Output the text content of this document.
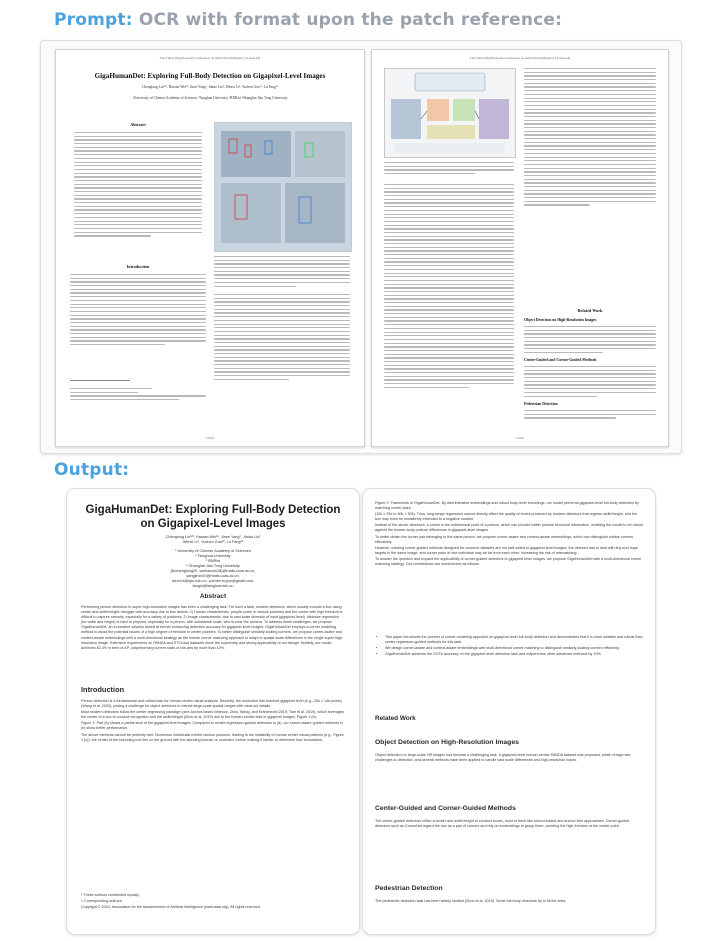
Prompt: OCR with format upon the patch reference:
The Thirty-Eighth AAAI Conference on Artificial Intelligence (AAAI-24)
GigaHumanDet: Exploring Full-Body Detection on Gigapixel-Level Images
Chenglong Liu¹²³, Haoran Wei³⁴, Jinze Yang¹, Jintao Liu¹, Wenxi Li⁴, Yuchen Guo²³, Lu Fang²³
¹University of Chinese Academy of Sciences ²Tsinghua University ³BNRist ⁴Shanghai Jiao Tong University
Abstract
Introduction
10092
The Thirty-Eighth AAAI Conference on Artificial Intelligence (AAAI-24)
Related Work
Object Detection on High-Resolution Images
Center-Guided and Corner-Guided Methods
Pedestrian Detection
10093
Output:
GigaHumanDet: Exploring Full-Body Detection on Gigapixel-Level Images
Chenglong Liu¹²³, Haoran Wei³⁴, Jinze Yang¹, Jintao Liu¹
Wenxi Li⁴, Yuchen Guo²³, Lu Fang²³
¹ University of Chinese Academy of Sciences
² Tsinghua University
³ BNRist
⁴ Shanghai Jiao Tong University
{liuchenglong20, weihaoran18}@mails.ucas.ac.cn,
yangjinze20@mails.ucas.ac.cn,
wenxi.li@sjtu.edu.cn, yuchen.w.guo@gmail.com,
fanglu@tsinghua.edu.cn
Abstract

Performing person detection in super-high-resolution images has been a challenging task. For such a task, modern detectors, which usually encode a box using center and width/height, struggle with accuracy due to two factors: 1) Human characteristic: people come in various postures and the center with high freedom is difficult to capture robustly, especially for a variety of postures; 2) Image characteristic: due to vast scale diversity of input (gigapixel-level), distance regression (for width and height) is hard to pinpoint, especially for a person, with substantial scale, who is near the camera. To address these challenges, we propose GigaHumanDet, an innovative solution aimed at further enhancing detection accuracy for gigapixel-level images. GigaHumanDet employs a corner modeling method to avoid the potential issues of a high degree of freedom in center pointers. To better distinguish similarly-looking corners, we propose corner-aware and context-aware embeddings with a multi-directional strategy as the human corner matching approach to adapt to spatial scale differences in the single super-high-resolution image. Extensive experiments on PANDA and STCrowd datasets show the superiority and strong applicability of our design. Notably, our model achieves 82.4% in term of AP, outperforming current state-of-the-arts by more than 10%.

Introduction

Person detection is a fundamental and critical task for human-centric visual analysis. Recently, the resolution has reached gigapixel level (e.g., 25k × 14k pixels) (Wang et al. 2020), posing a challenge for object detectors to extract large-scale spatial ranges with clear-cut details.

Most modern detectors follow the center-regressing paradigm (see Anchor-based detector, Zhou, Wang, and Krähenbühl 2019; Tian et al. 2019), which leverages the center of a box to conduct recognition and the width/height (Zhou et al. 2019) due to the human-centric task in gigapixel images. Figure 1 (b).

Figure 1: Part (b) shows a partial slice of the gigapixel-level images. Compared to center-regression-guided detectors in (d), our corner-aware guided methods in (b) show better performance.

The above methods cannot be perfectly met. Numerous individuals exhibit various postures, leading to the instability of human center visual patterns (e.g., Figure 1 (c)): the center of the bounding box lies on the ground with the standing woman or occluded, further making it harder to determine four boundaries.

* These authors contributed equally.

† Corresponding authors.

Copyright © 2024, Association for the Advancement of Artificial Intelligence (www.aaai.org). All rights reserved.

Figure 2: Framework of GigaHumanDet. By discriminative embeddings and robust body-level encodings, our model performs gigapixel-level full-body detection by matching corner pairs.

(12k × 25k to 50k × 50k). Thus, long-range regression cannot directly affect the quality of boxes produced by modern detectors that regress width/height, and the box may even be mistakenly extended to a negative number.

Instead of the above detectors, a corner is the bottommost point of a person, which can provide better precise structural information, enabling the model to be robust against the human-body posture differences in gigapixel-level images.

To better obtain the corner pair belonging to the same person, we propose corner-aware and context-aware embeddings, which can distinguish similar corners effectively.

However, existing corner-guided methods designed for common datasets are not well suited to gigapixel-level images: the detector has to deal with tiny and huge targets in the same image, and corner pairs of one individual may be far from each other, increasing the risk of mismatching.

To answer the question and expand the applicability of corner-guided detectors to gigapixel-level images, we propose GigaHumanDet with a multi-directional corner matching strategy. Our contributions are summarized as follows:

• This paper introduces the pioneer of corner-modeling approach on gigapixel-level full-body detection and demonstrates that it is more suitable and robust than center-regression-guided methods for this task.
• We design corner-aware and context-aware embeddings with multi-directional corner matching to distinguish similarly-looking corners efficiently.
• GigaHumanDet achieves the SOTA accuracy on the gigapixel-level detection task and outperforms other advanced methods by 10%.
Related Work
Object Detection on High-Resolution Images

Object detection on large-scale HR images has become a challenging task. A gigapixel-level human-centric PANDA dataset was proposed, which brings new challenges to detection, and several methods have been applied to handle vast scale differences and high-resolution inputs.

Center-Guided and Corner-Guided Methods

The center-guided detectors utilize a center and width/height to conduct boxes, most of them like anchor-based and anchor-free approaches. Corner-guided detectors such as CornerNet regard the box as a pair of corners and rely on embeddings to group them, avoiding the high freedom of the center point.

Pedestrian Detection

The pedestrian detection task has been widely studied (Zhou et al. 2019). Some full-body detectors try to fill the area.
